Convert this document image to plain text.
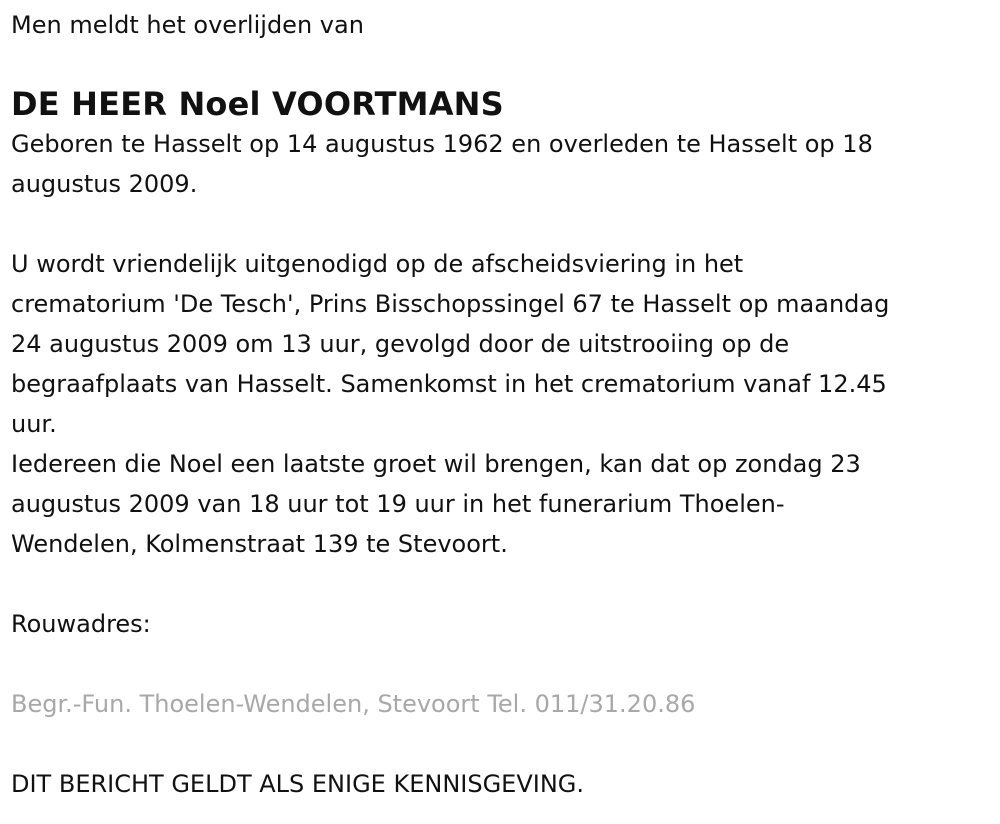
Men meldt het overlijden van
DE HEER Noel VOORTMANS
Geboren te Hasselt op 14 augustus 1962 en overleden te Hasselt op 18
augustus 2009.
U wordt vriendelijk uitgenodigd op de afscheidsviering in het
crematorium 'De Tesch', Prins Bisschopssingel 67 te Hasselt op maandag
24 augustus 2009 om 13 uur, gevolgd door de uitstrooiing op de
begraafplaats van Hasselt. Samenkomst in het crematorium vanaf 12.45
uur.
Iedereen die Noel een laatste groet wil brengen, kan dat op zondag 23
augustus 2009 van 18 uur tot 19 uur in het funerarium Thoelen-
Wendelen, Kolmenstraat 139 te Stevoort.
Rouwadres:
Begr.-Fun. Thoelen-Wendelen, Stevoort Tel. 011/31.20.86
DIT BERICHT GELDT ALS ENIGE KENNISGEVING.
